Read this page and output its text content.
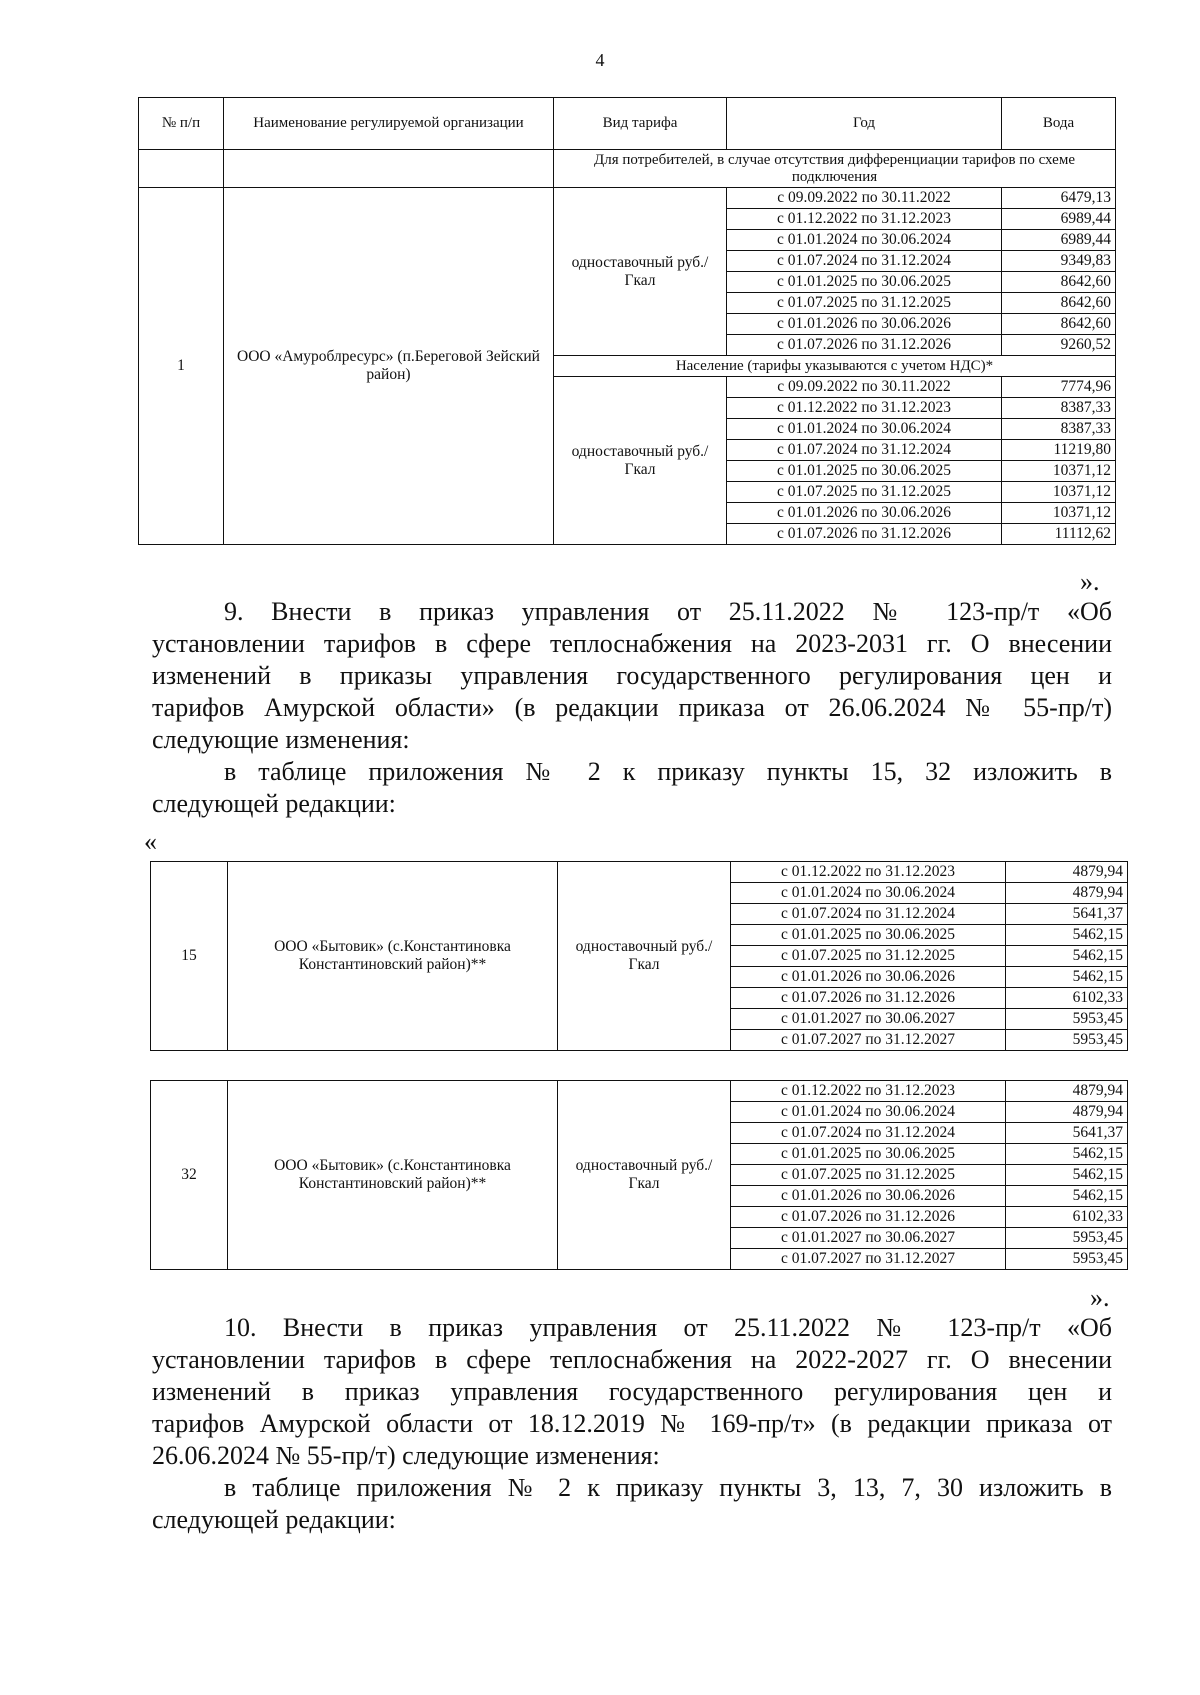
4
№ п/п	Наименование регулируемой организации	Вид тарифа	Год	Вода
		Для потребителей, в случае отсутствия дифференциации тарифов по схеме подключения		
1	ООО «Амуроблресурс» (п.Береговой Зейский район)	одноставочный руб./Гкал	с 09.09.2022 по 30.11.2022	6479,13
			с 01.12.2022 по 31.12.2023	6989,44
			с 01.01.2024 по 30.06.2024	6989,44
			с 01.07.2024 по 31.12.2024	9349,83
			с 01.01.2025 по 30.06.2025	8642,60
			с 01.07.2025 по 31.12.2025	8642,60
			с 01.01.2026 по 30.06.2026	8642,60
			с 01.07.2026 по 31.12.2026	9260,52
		Население (тарифы указываются с учетом НДС)*		
		одноставочный руб./Гкал	с 09.09.2022 по 30.11.2022	7774,96
			с 01.12.2022 по 31.12.2023	8387,33
			с 01.01.2024 по 30.06.2024	8387,33
			с 01.07.2024 по 31.12.2024	11219,80
			с 01.01.2025 по 30.06.2025	10371,12
			с 01.07.2025 по 31.12.2025	10371,12
			с 01.01.2026 по 30.06.2026	10371,12
			с 01.07.2026 по 31.12.2026	11112,62
».
9. Внести в приказ управления от 25.11.2022 № 123-пр/т «Об
установлении тарифов в сфере теплоснабжения на 2023-2031 гг. О внесении
изменений в приказы управления государственного регулирования цен и
тарифов Амурской области» (в редакции приказа от 26.06.2024 № 55-пр/т)
следующие изменения:
в таблице приложения № 2 к приказу пункты 15, 32 изложить в
следующей редакции:
«
15	ООО «Бытовик» (с.Константиновка Константиновский район)**	одноставочный руб./Гкал	с 01.12.2022 по 31.12.2023	4879,94
			с 01.01.2024 по 30.06.2024	4879,94
			с 01.07.2024 по 31.12.2024	5641,37
			с 01.01.2025 по 30.06.2025	5462,15
			с 01.07.2025 по 31.12.2025	5462,15
			с 01.01.2026 по 30.06.2026	5462,15
			с 01.07.2026 по 31.12.2026	6102,33
			с 01.01.2027 по 30.06.2027	5953,45
			с 01.07.2027 по 31.12.2027	5953,45
32	ООО «Бытовик» (с.Константиновка Константиновский район)**	одноставочный руб./Гкал	с 01.12.2022 по 31.12.2023	4879,94
			с 01.01.2024 по 30.06.2024	4879,94
			с 01.07.2024 по 31.12.2024	5641,37
			с 01.01.2025 по 30.06.2025	5462,15
			с 01.07.2025 по 31.12.2025	5462,15
			с 01.01.2026 по 30.06.2026	5462,15
			с 01.07.2026 по 31.12.2026	6102,33
			с 01.01.2027 по 30.06.2027	5953,45
			с 01.07.2027 по 31.12.2027	5953,45
».
10. Внести в приказ управления от 25.11.2022 № 123-пр/т «Об
установлении тарифов в сфере теплоснабжения на 2022-2027 гг. О внесении
изменений в приказ управления государственного регулирования цен и
тарифов Амурской области от 18.12.2019 № 169-пр/т» (в редакции приказа от
26.06.2024 № 55-пр/т) следующие изменения:
в таблице приложения № 2 к приказу пункты 3, 13, 7, 30 изложить в
следующей редакции:
